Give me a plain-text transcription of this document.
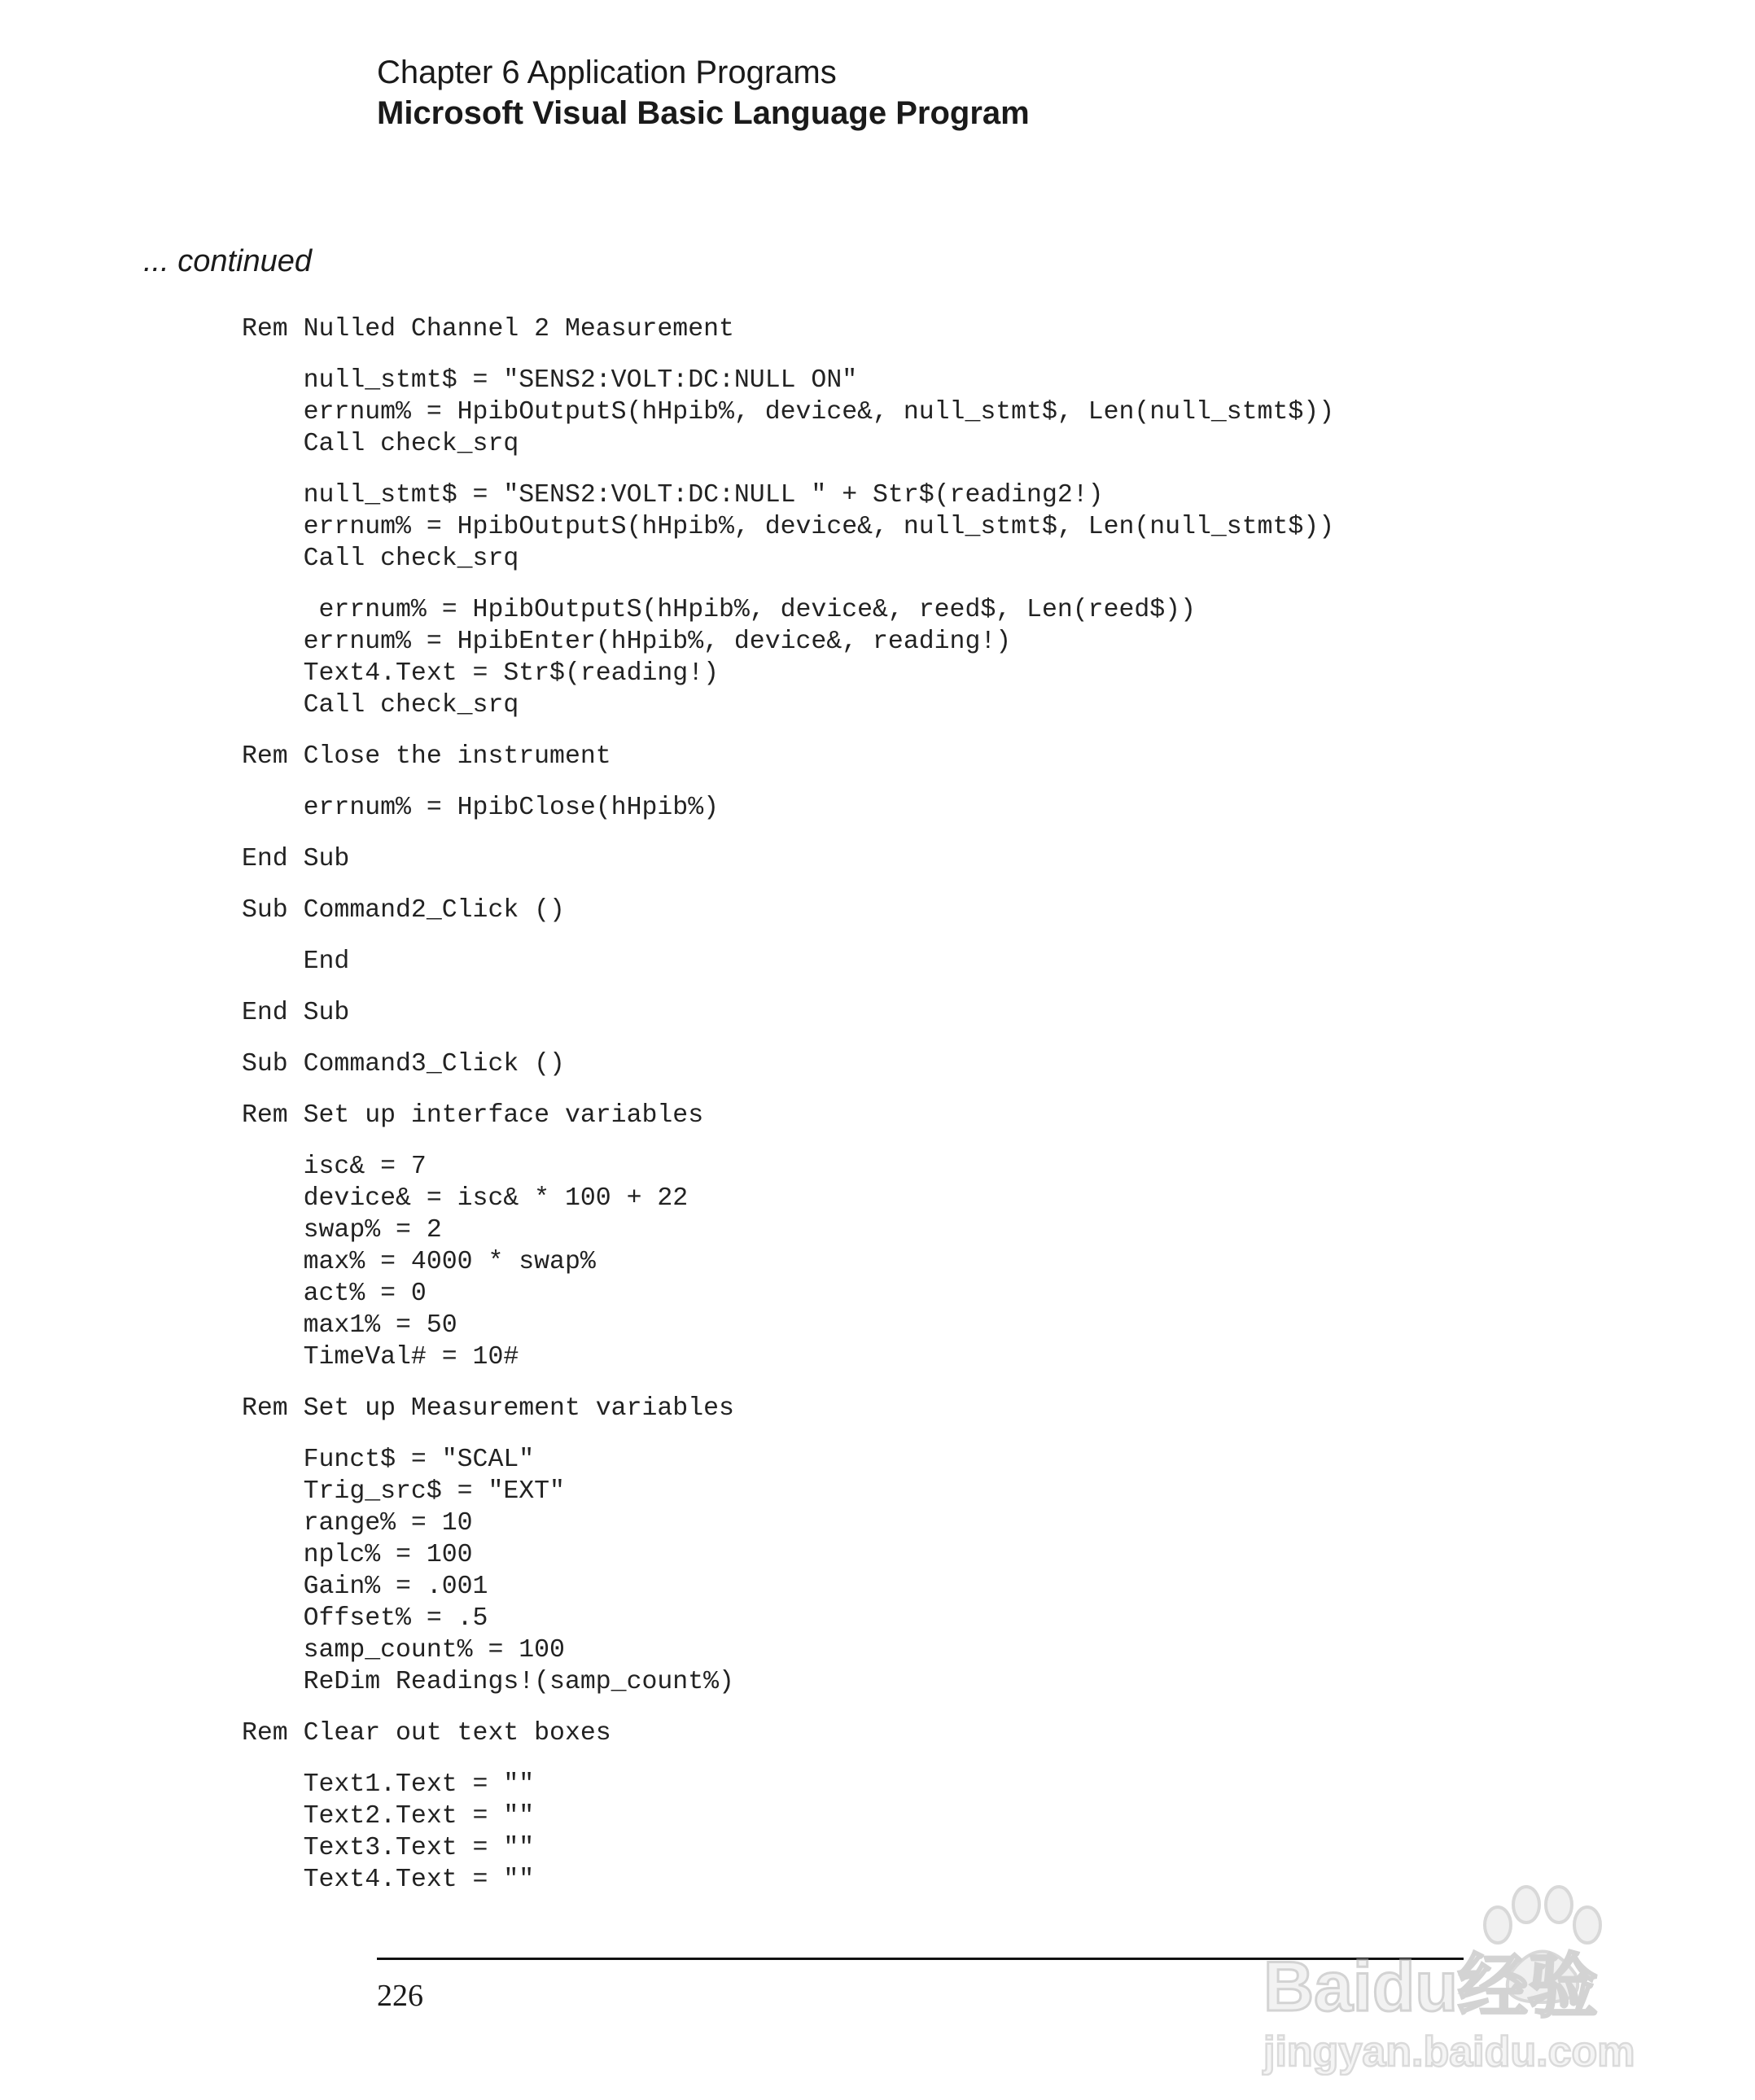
Chapter 6 Application Programs
Microsoft Visual Basic Language Program
... continued
Rem Nulled Channel 2 Measurement
null_stmt$ = "SENS2:VOLT:DC:NULL ON"
errnum% = HpibOutputS(hHpib%, device&, null_stmt$, Len(null_stmt$))
Call check_srq
null_stmt$ = "SENS2:VOLT:DC:NULL " + Str$(reading2!)
errnum% = HpibOutputS(hHpib%, device&, null_stmt$, Len(null_stmt$))
Call check_srq
errnum% = HpibOutputS(hHpib%, device&, reed$, Len(reed$))
errnum% = HpibEnter(hHpib%, device&, reading!)
Text4.Text = Str$(reading!)
Call check_srq
Rem Close the instrument
errnum% = HpibClose(hHpib%)
End Sub
Sub Command2_Click ()
End
End Sub
Sub Command3_Click ()
Rem Set up interface variables
isc& = 7
device& = isc& * 100 + 22
swap% = 2
max% = 4000 * swap%
act% = 0
max1% = 50
TimeVal# = 10#
Rem Set up Measurement variables
Funct$ = "SCAL"
Trig_src$ = "EXT"
range% = 10
nplc% = 100
Gain% = .001
Offset% = .5
samp_count% = 100
ReDim Readings!(samp_count%)
Rem Clear out text boxes
Text1.Text = ""
Text2.Text = ""
Text3.Text = ""
Text4.Text = ""
226	Baidu经验
jingyan.baidu.com
